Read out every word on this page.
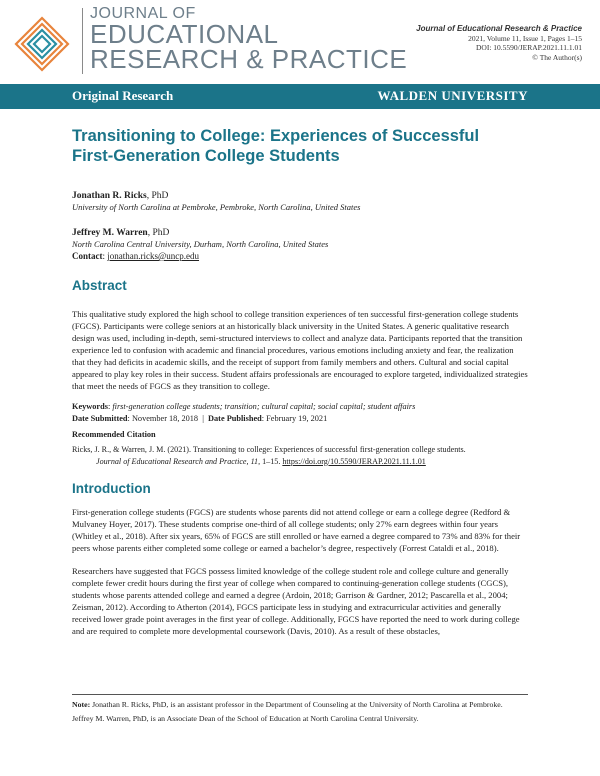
JOURNAL OF
EDUCATIONAL
RESEARCH & PRACTICE
Journal of Educational Research & Practice
2021, Volume 11, Issue 1, Pages 1–15
DOI: 10.5590/JERAP.2021.11.1.01
© The Author(s)
Original Research	WALDEN UNIVERSITY
Transitioning to College: Experiences of Successful
First-Generation College Students
Jonathan R. Ricks, PhD
University of North Carolina at Pembroke, Pembroke, North Carolina, United States
Jeffrey M. Warren, PhD
North Carolina Central University, Durham, North Carolina, United States
Contact: jonathan.ricks@uncp.edu
Abstract

This qualitative study explored the high school to college transition experiences of ten successful first-generation college students (FGCS). Participants were college seniors at an historically black university in the United States. A generic qualitative research design was used, including in-depth, semi-structured interviews to collect and analyze data. Participants reported that the transition experience led to confusion with academic and financial procedures, various emotions including anxiety and fear, the realization that they had deficits in academic skills, and the receipt of support from family members and others. Cultural and social capital appeared to play key roles in their success. Student affairs professionals are encouraged to explore targeted, individualized strategies that meet the needs of FGCS as they transition to college.

Keywords: first-generation college students; transition; cultural capital; social capital; student affairs
Date Submitted: November 18, 2018  |  Date Published: February 19, 2021
Recommended Citation
Ricks, J. R., & Warren, J. M. (2021). Transitioning to college: Experiences of successful first-generation college students.
Journal of Educational Research and Practice, 11, 1–15. https://doi.org/10.5590/JERAP.2021.11.1.01
Introduction

First-generation college students (FGCS) are students whose parents did not attend college or earn a college degree (Redford & Mulvaney Hoyer, 2017). These students comprise one-third of all college students; only 27% earn degrees within four years (Whitley et al., 2018). After six years, 65% of FGCS are still enrolled or have earned a degree compared to 73% and 83% for their peers whose parents either completed some college or earned a bachelor’s degree, respectively (Forrest Cataldi et al., 2018).

Researchers have suggested that FGCS possess limited knowledge of the college student role and college culture and generally complete fewer credit hours during the first year of college when compared to continuing-generation college students (CGCS), students whose parents attended college and earned a degree (Ardoin, 2018; Garrison & Gardner, 2012; Pascarella et al., 2004; Zeisman, 2012). According to Atherton (2014), FGCS participate less in studying and extracurricular activities and generally received lower grade point averages in the first year of college. Additionally, FGCS have reported the need to work during college and are required to complete more developmental coursework (Davis, 2010). As a result of these obstacles,

Note: Jonathan R. Ricks, PhD, is an assistant professor in the Department of Counseling at the University of North Carolina at Pembroke.

Jeffrey M. Warren, PhD, is an Associate Dean of the School of Education at North Carolina Central University.
